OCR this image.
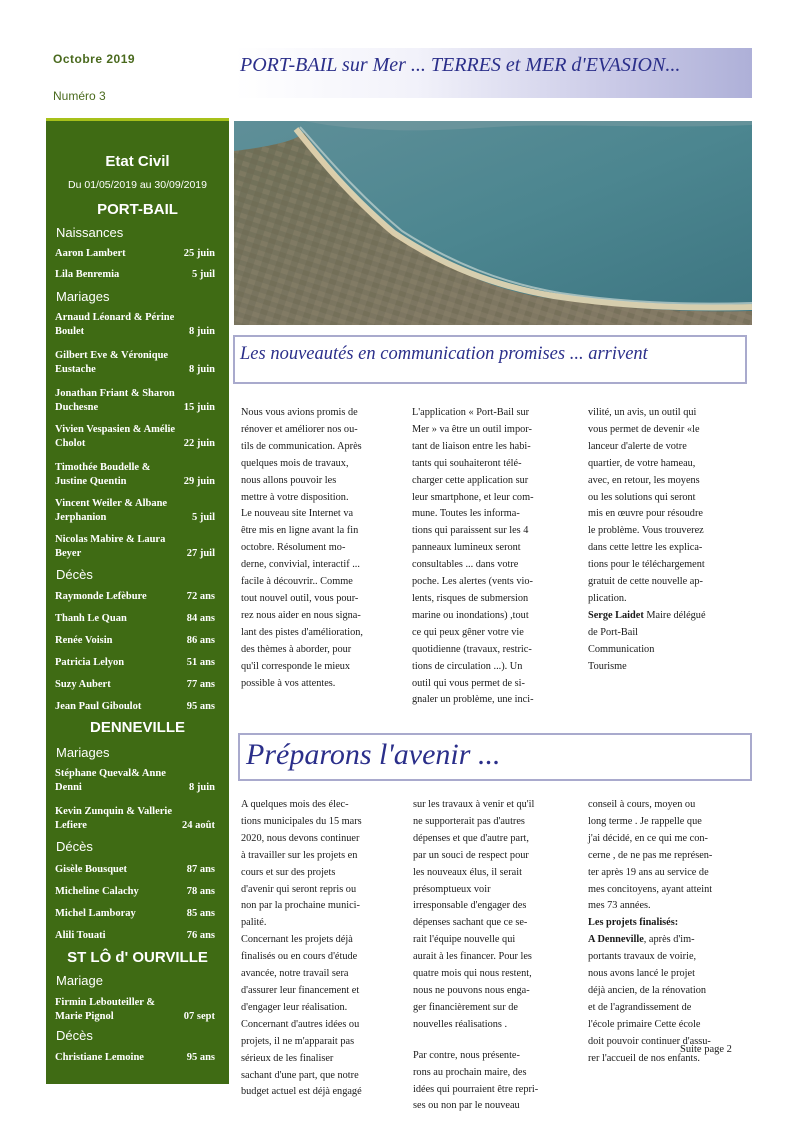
Octobre 2019
Numéro 3
PORT-BAIL sur Mer ... TERRES et MER d'EVASION...
Etat Civil
Du 01/05/2019 au 30/09/2019
PORT-BAIL
Naissances
Aaron Lambert	25 juin
Lila Benremia	5 juil
Mariages
Arnaud Léonard & Périne Boulet	8 juin
Gilbert Eve & Véronique Eustache	8 juin
Jonathan Friant & Sharon Duchesne	15 juin
Vivien Vespasien & Amélie Cholot	22 juin
Timothée Boudelle & Justine Quentin	29 juin
Vincent Weiler & Albane Jerphanion	5 juil
Nicolas Mabire & Laura Beyer	27 juil
Décès
Raymonde Lefèbure	72 ans
Thanh Le Quan	84 ans
Renée Voisin	86 ans
Patricia Lelyon	51 ans
Suzy Aubert	77 ans
Jean Paul Giboulot	95 ans
DENNEVILLE
Mariages
Stéphane Queval& Anne Denni	8 juin
Kevin Zunquin & Vallerie Lefiere	24 août
Décès
Gisèle Bousquet	87 ans
Micheline Calachy	78 ans
Michel Lamboray	85 ans
Alili Touati	76 ans
ST LÔ d' OURVILLE
Mariage
Firmin Lebouteiller & Marie Pignol	07 sept
Décès
Christiane Lemoine	95 ans
Les nouveautés en communication promises ... arrivent
Nous vous avions promis de
rénover et améliorer nos ou-
tils de communication. Après
quelques mois de travaux,
nous allons pouvoir les
mettre à votre disposition.
Le nouveau site Internet va
être mis en ligne avant la fin
octobre. Résolument mo-
derne, convivial, interactif ...
facile à découvrir.. Comme
tout nouvel outil, vous pour-
rez nous aider en nous signa-
lant des pistes d'amélioration,
des thèmes à aborder, pour
qu'il corresponde le mieux
possible à vos attentes.
L'application « Port-Bail sur
Mer » va être un outil impor-
tant de liaison entre les habi-
tants qui souhaiteront télé-
charger cette application sur
leur smartphone, et leur com-
mune. Toutes les informa-
tions qui paraissent sur les 4
panneaux lumineux seront
consultables ... dans votre
poche. Les alertes (vents vio-
lents, risques de submersion
marine ou inondations) ,tout
ce qui peux gêner votre vie
quotidienne (travaux, restric-
tions de circulation ...). Un
outil qui vous permet de si-
gnaler un problème, une inci-
vilité, un avis, un outil qui
vous permet de devenir «le
lanceur d'alerte de votre
quartier, de votre hameau,
avec, en retour, les moyens
ou les solutions qui seront
mis en œuvre pour résoudre
le problème. Vous trouverez
dans cette lettre les explica-
tions pour le téléchargement
gratuit de cette nouvelle ap-
plication.
Serge Laidet Maire délégué
de Port-Bail
Communication
Tourisme
Préparons l'avenir ...
A quelques mois des élec-
tions municipales du 15 mars
2020, nous devons continuer
à travailler sur les projets en
cours et sur des projets
d'avenir qui seront repris ou
non par la prochaine munici-
palité.
Concernant les projets déjà
finalisés ou en cours d'étude
avancée, notre travail sera
d'assurer leur financement et
d'engager leur réalisation.
Concernant d'autres idées ou
projets, il ne m'apparait pas
sérieux de les finaliser
sachant d'une part, que notre
budget actuel est déjà engagé
sur les travaux à venir et qu'il
ne supporterait pas d'autres
dépenses et que d'autre part,
par un souci de respect pour
les nouveaux élus, il serait
présomptueux voir
irresponsable d'engager des
dépenses sachant que ce se-
rait l'équipe nouvelle qui
aurait à les financer. Pour les
quatre mois qui nous restent,
nous ne pouvons nous enga-
ger financièrement sur de
nouvelles réalisations .
Par contre, nous présente-
rons au prochain maire, des
idées qui pourraient être repri-
ses ou non par le nouveau
conseil à cours, moyen ou
long terme . Je rappelle que
j'ai décidé, en ce qui me con-
cerne , de ne pas me représen-
ter après 19 ans au service de
mes concitoyens, ayant atteint
mes 73 années.
Les projets finalisés:
A Denneville, après d'im-
portants travaux de voirie,
nous avons lancé le projet
déjà ancien, de la rénovation
et de l'agrandissement de
l'école primaire Cette école
doit pouvoir continuer d'assu-
rer l'accueil de nos enfants.
Suite page 2
